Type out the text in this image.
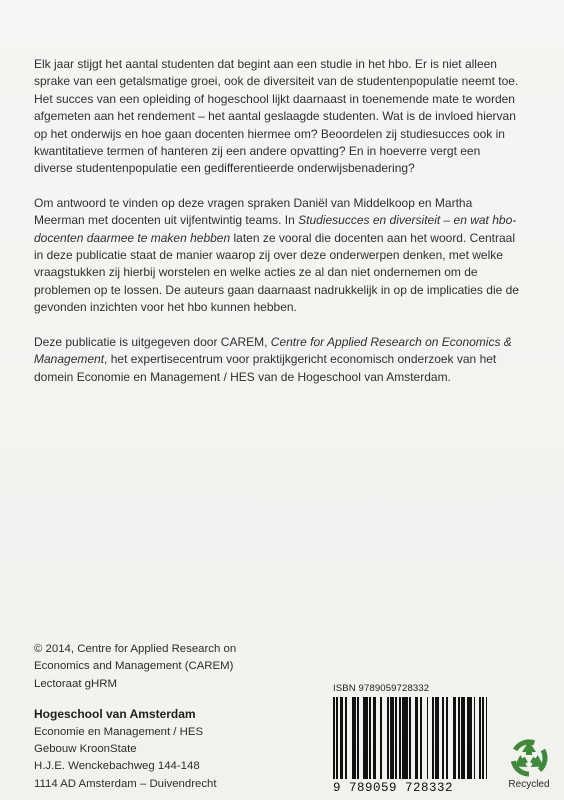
Elk jaar stijgt het aantal studenten dat begint aan een studie in het hbo. Er is niet alleen sprake van een getalsmatige groei, ook de diversiteit van de studentenpopulatie neemt toe. Het succes van een opleiding of hogeschool lijkt daarnaast in toenemende mate te worden afgemeten aan het rendement – het aantal geslaagde studenten. Wat is de invloed hiervan op het onderwijs en hoe gaan docenten hiermee om? Beoordelen zij studiesucces ook in kwantitatieve termen of hanteren zij een andere opvatting? En in hoeverre vergt een diverse studentenpopulatie een gedifferentieerde onderwijsbenadering?

Om antwoord te vinden op deze vragen spraken Daniël van Middelkoop en Martha Meerman met docenten uit vijfentwintig teams. In Studiesucces en diversiteit – en wat hbo-docenten daarmee te maken hebben laten ze vooral die docenten aan het woord. Centraal in deze publicatie staat de manier waarop zij over deze onderwerpen denken, met welke vraagstukken zij hierbij worstelen en welke acties ze al dan niet ondernemen om de problemen op te lossen. De auteurs gaan daarnaast nadrukkelijk in op de implicaties die de gevonden inzichten voor het hbo kunnen hebben.

Deze publicatie is uitgegeven door CAREM, Centre for Applied Research on Economics & Management, het expertisecentrum voor praktijkgericht economisch onderzoek van het domein Economie en Management / HES van de Hogeschool van Amsterdam.

© 2014, Centre for Applied Research on
Economics and Management (CAREM)
Lectoraat gHRM
Hogeschool van Amsterdam
Economie en Management / HES
Gebouw KroonState
H.J.E. Wenckebachweg 144-148
1114 AD Amsterdam – Duivendrecht
ISBN 9789059728332
9 789059 728332	Recycled
